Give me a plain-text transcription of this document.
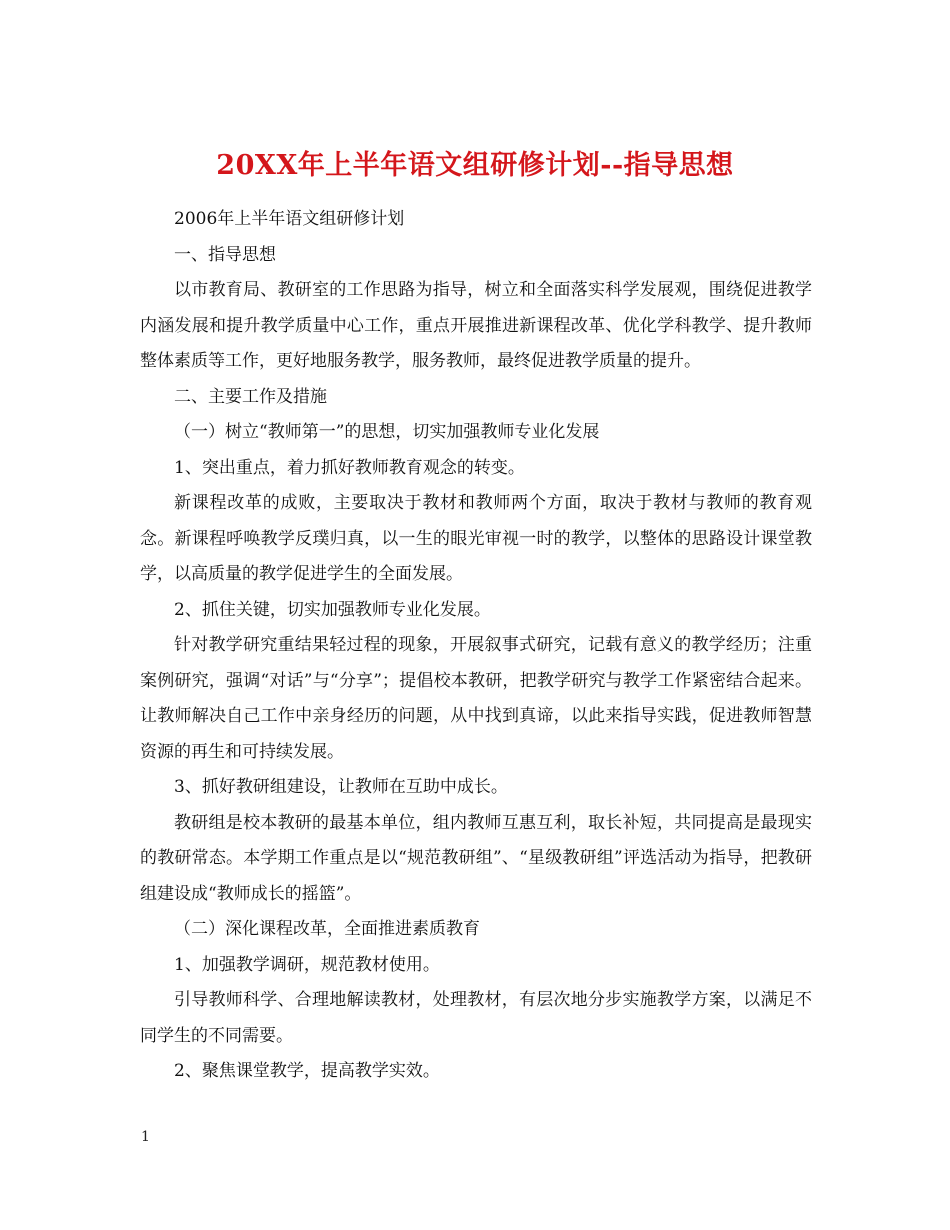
20XX年上半年语文组研修计划--指导思想

2006年上半年语文组研修计划

一、指导思想

以市教育局、教研室的工作思路为指导，树立和全面落实科学发展观，围绕促进教学内涵发展和提升教学质量中心工作，重点开展推进新课程改革、优化学科教学、提升教师整体素质等工作，更好地服务教学，服务教师，最终促进教学质量的提升。

二、主要工作及措施

（一）树立“教师第一”的思想，切实加强教师专业化发展

1、突出重点，着力抓好教师教育观念的转变。

新课程改革的成败，主要取决于教材和教师两个方面，取决于教材与教师的教育观念。新课程呼唤教学反璞归真，以一生的眼光审视一时的教学，以整体的思路设计课堂教学，以高质量的教学促进学生的全面发展。

2、抓住关键，切实加强教师专业化发展。

针对教学研究重结果轻过程的现象，开展叙事式研究，记载有意义的教学经历；注重案例研究，强调“对话”与“分享”；提倡校本教研，把教学研究与教学工作紧密结合起来。让教师解决自己工作中亲身经历的问题，从中找到真谛，以此来指导实践，促进教师智慧资源的再生和可持续发展。

3、抓好教研组建设，让教师在互助中成长。

教研组是校本教研的最基本单位，组内教师互惠互利，取长补短，共同提高是最现实的教研常态。本学期工作重点是以“规范教研组”、“星级教研组”评选活动为指导，把教研组建设成“教师成长的摇篮”。

（二）深化课程改革，全面推进素质教育

1、加强教学调研，规范教材使用。

引导教师科学、合理地解读教材，处理教材，有层次地分步实施教学方案，以满足不同学生的不同需要。

2、聚焦课堂教学，提高教学实效。

1
